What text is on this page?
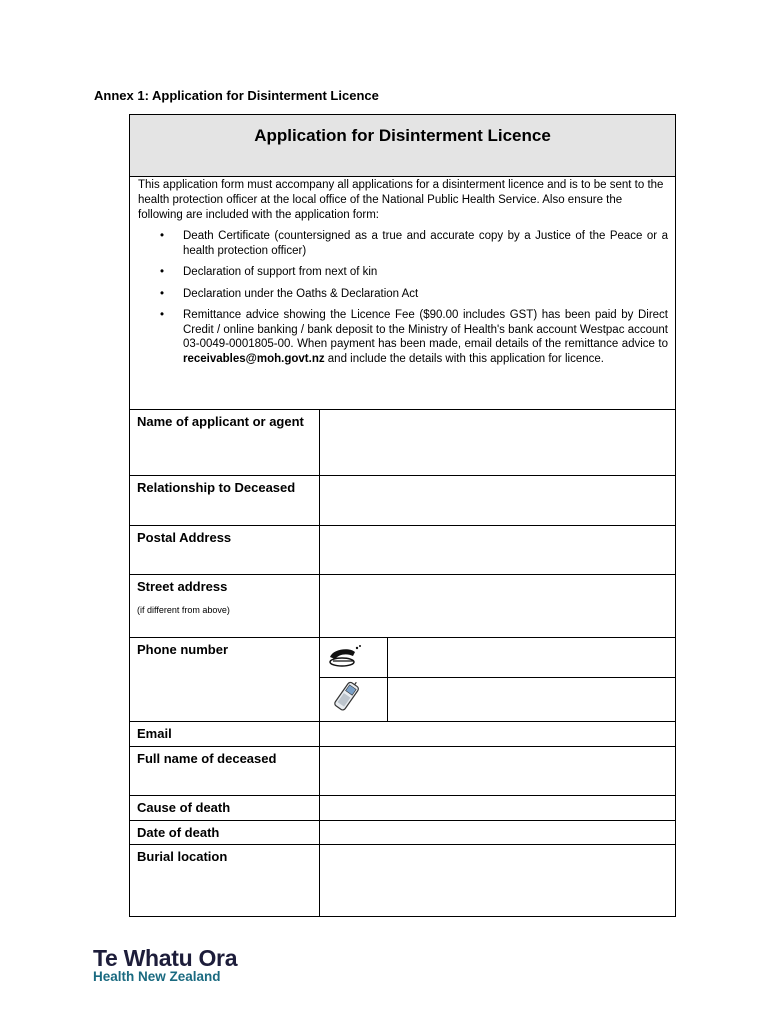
Annex 1: Application for Disinterment Licence
Application for Disinterment Licence

This application form must accompany all applications for a disinterment licence and is to be sent to the health protection officer at the local office of the National Public Health Service. Also ensure the following are included with the application form:

• Death Certificate (countersigned as a true and accurate copy by a Justice of the Peace or a health protection officer)
• Declaration of support from next of kin
• Declaration under the Oaths & Declaration Act
• Remittance advice showing the Licence Fee ($90.00 includes GST) has been paid by Direct Credit / online banking / bank deposit to the Ministry of Health's bank account Westpac account 03-0049-0001805-00. When payment has been made, email details of the remittance advice to receivables@moh.govt.nz and include the details with this application for licence.
Name of applicant or agent
Relationship to Deceased
Postal Address
Street address
(if different from above)
Phone number
Email
Full name of deceased
Cause of death
Date of death
Burial location
Te Whatu Ora
Health New Zealand
